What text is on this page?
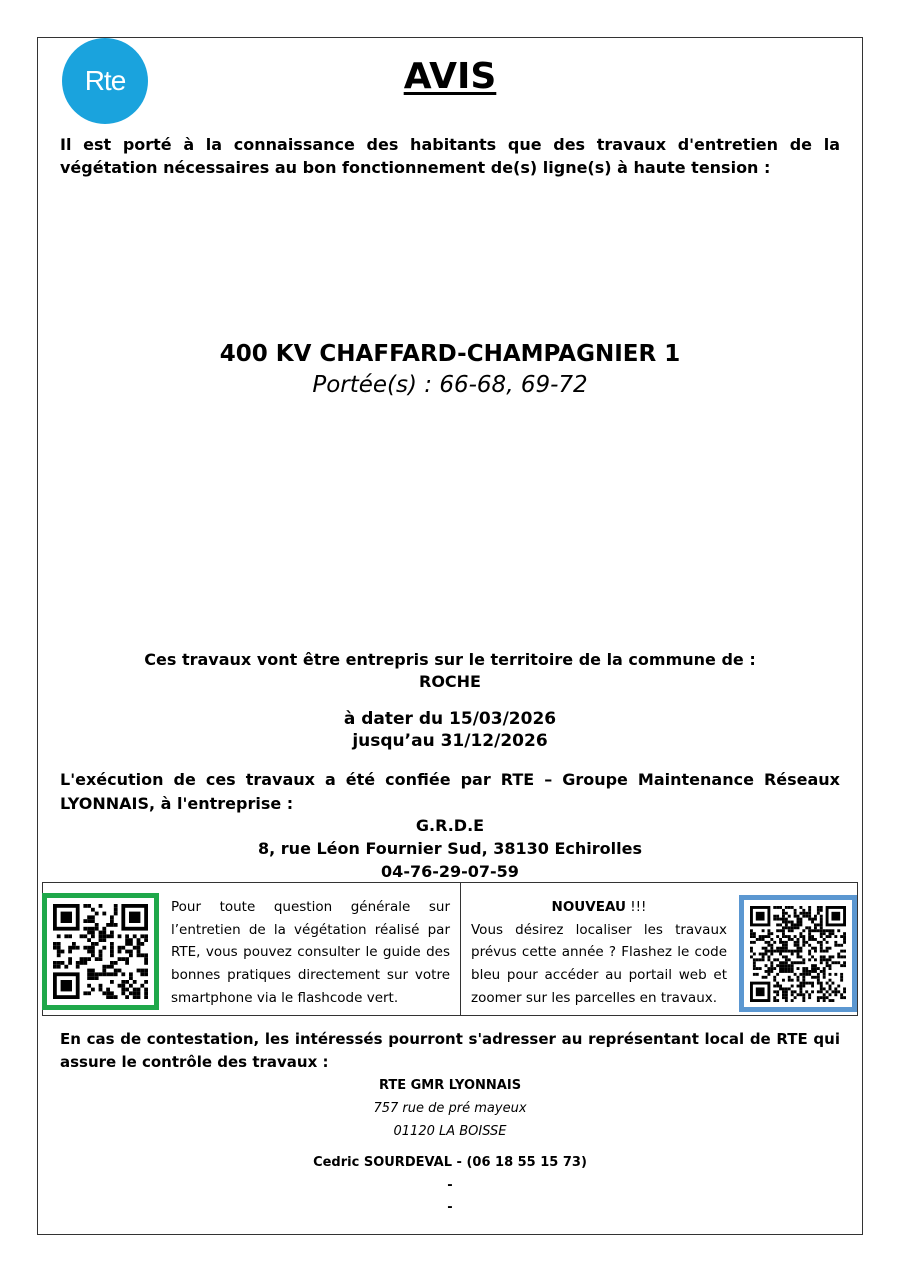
Rte	AVIS
Il est porté à la connaissance des habitants que des travaux d'entretien de la végétation nécessaires au bon fonctionnement de(s) ligne(s) à haute tension :
400 KV CHAFFARD-CHAMPAGNIER 1
Portée(s) : 66-68, 69-72
Ces travaux vont être entrepris sur le territoire de la commune de :
ROCHE
à dater du 15/03/2026
jusqu’au 31/12/2026
L'exécution de ces travaux a été confiée par RTE – Groupe Maintenance Réseaux LYONNAIS, à l'entreprise :
G.R.D.E
8, rue Léon Fournier Sud, 38130 Echirolles
04-76-29-07-59
Pour toute question générale sur l’entretien de la végétation réalisé par RTE, vous pouvez consulter le guide des bonnes pratiques directement sur votre smartphone via le flashcode vert.
NOUVEAU !!!
Vous désirez localiser les travaux prévus cette année ? Flashez le code bleu pour accéder au portail web et zoomer sur les parcelles en travaux.
En cas de contestation, les intéressés pourront s'adresser au représentant local de RTE qui assure le contrôle des travaux :
RTE GMR LYONNAIS
757 rue de pré mayeux
01120 LA BOISSE
Cedric SOURDEVAL - (06 18 55 15 73)
-
-
